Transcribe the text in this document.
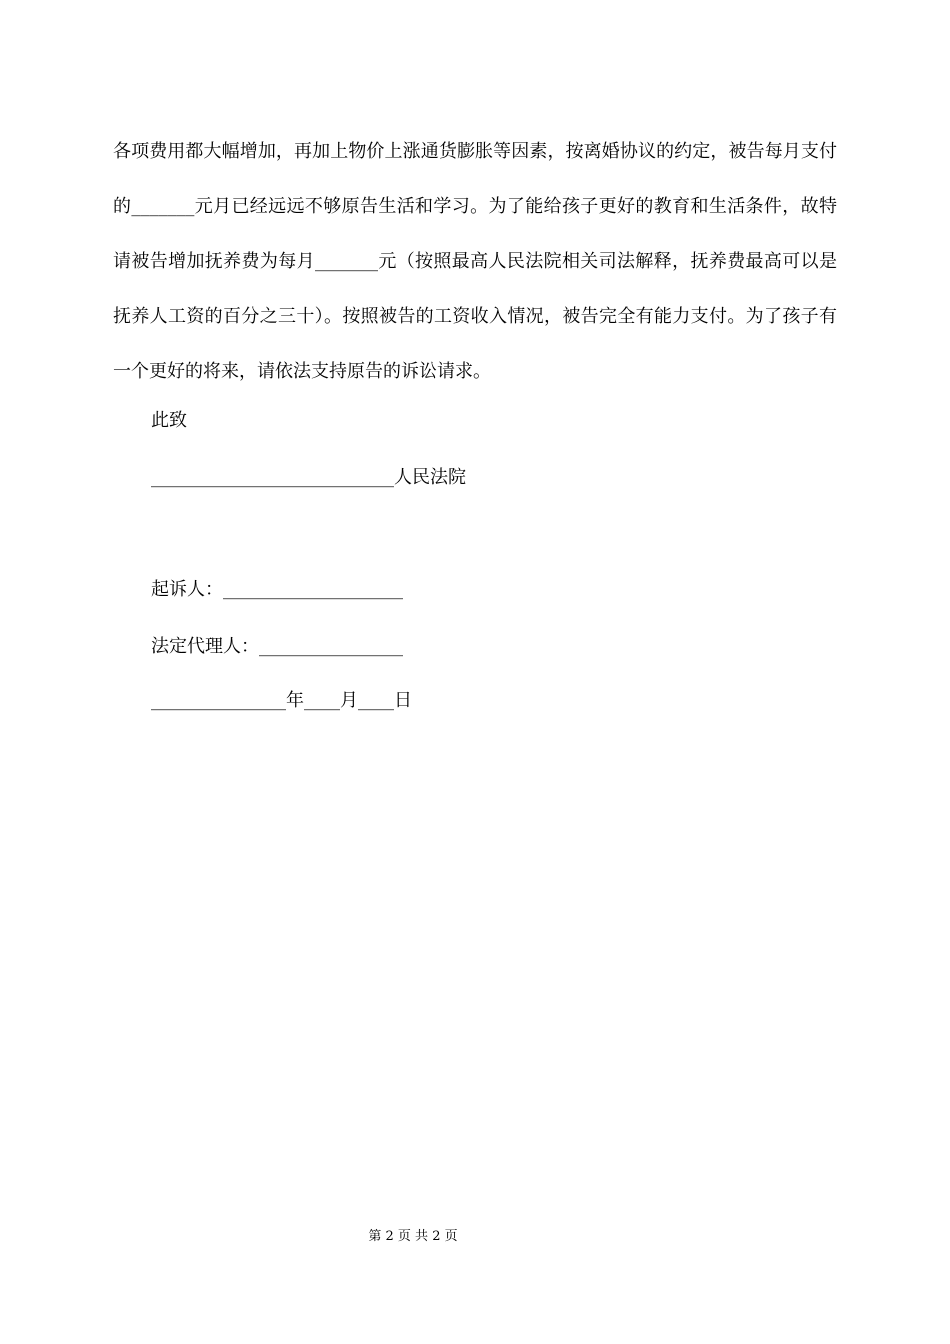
各项费用都大幅增加，再加上物价上涨通货膨胀等因素，按离婚协议的约定，被告每月支付的_______元月已经远远不够原告生活和学习。为了能给孩子更好的教育和生活条件，故特请被告增加抚养费为每月_______元（按照最高人民法院相关司法解释，抚养费最高可以是抚养人工资的百分之三十）。按照被告的工资收入情况，被告完全有能力支付。为了孩子有一个更好的将来，请依法支持原告的诉讼请求。

此致
___________________________人民法院
起诉人：____________________
法定代理人：________________
_______________年____月____日
第 2 页 共 2 页
